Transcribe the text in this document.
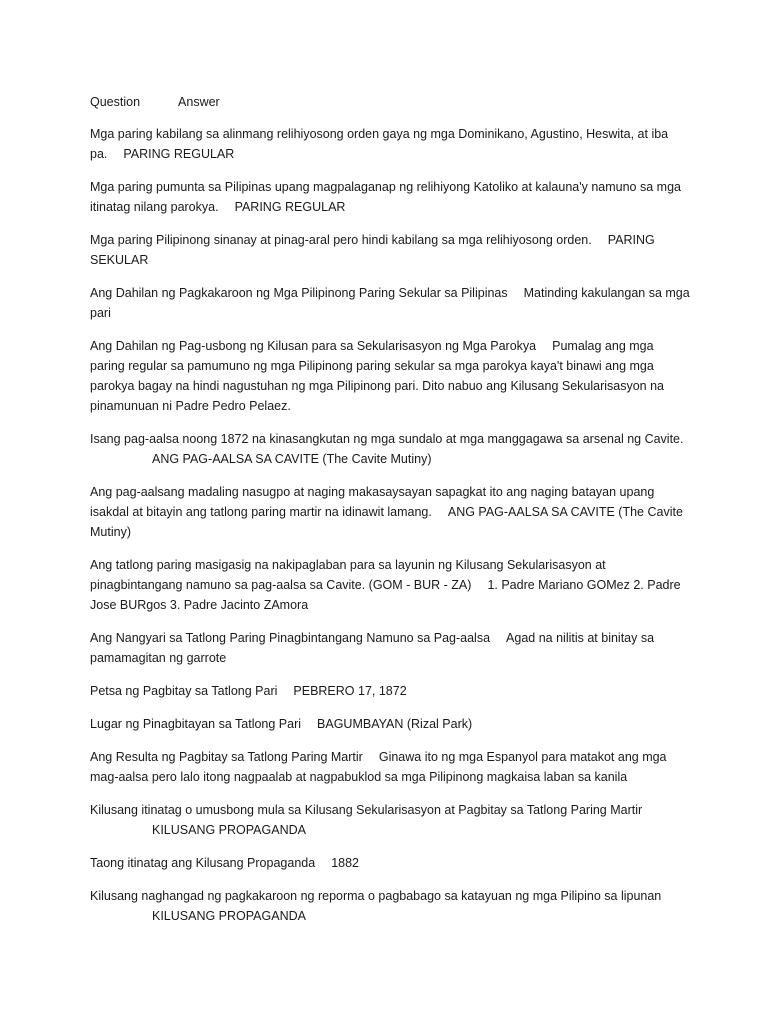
Question	Answer

Mga paring kabilang sa alinmang relihiyosong orden gaya ng mga Dominikano, Agustino, Heswita, at iba pa. PARING REGULAR

Mga paring pumunta sa Pilipinas upang magpalaganap ng relihiyong Katoliko at kalauna'y namuno sa mga itinatag nilang parokya. PARING REGULAR

Mga paring Pilipinong sinanay at pinag-aral pero hindi kabilang sa mga relihiyosong orden. PARING SEKULAR

Ang Dahilan ng Pagkakaroon ng Mga Pilipinong Paring Sekular sa Pilipinas Matinding kakulangan sa mga pari

Ang Dahilan ng Pag-usbong ng Kilusan para sa Sekularisasyon ng Mga Parokya Pumalag ang mga paring regular sa pamumuno ng mga Pilipinong paring sekular sa mga parokya kaya't binawi ang mga parokya bagay na hindi nagustuhan ng mga Pilipinong pari. Dito nabuo ang Kilusang Sekularisasyon na pinamunuan ni Padre Pedro Pelaez.

Isang pag-aalsa noong 1872 na kinasangkutan ng mga sundalo at mga manggagawa sa arsenal ng Cavite.
ANG PAG-AALSA SA CAVITE (The Cavite Mutiny)

Ang pag-aalsang madaling nasugpo at naging makasaysayan sapagkat ito ang naging batayan upang isakdal at bitayin ang tatlong paring martir na idinawit lamang. ANG PAG-AALSA SA CAVITE (The Cavite Mutiny)

Ang tatlong paring masigasig na nakipaglaban para sa layunin ng Kilusang Sekularisasyon at pinagbintangang namuno sa pag-aalsa sa Cavite. (GOM - BUR - ZA) 1. Padre Mariano GOMez 2. Padre Jose BURgos 3. Padre Jacinto ZAmora

Ang Nangyari sa Tatlong Paring Pinagbintangang Namuno sa Pag-aalsa Agad na nilitis at binitay sa pamamagitan ng garrote

Petsa ng Pagbitay sa Tatlong Pari PEBRERO 17, 1872

Lugar ng Pinagbitayan sa Tatlong Pari BAGUMBAYAN (Rizal Park)

Ang Resulta ng Pagbitay sa Tatlong Paring Martir Ginawa ito ng mga Espanyol para matakot ang mga mag-aalsa pero lalo itong nagpaalab at nagpabuklod sa mga Pilipinong magkaisa laban sa kanila

Kilusang itinatag o umusbong mula sa Kilusang Sekularisasyon at Pagbitay sa Tatlong Paring Martir
KILUSANG PROPAGANDA

Taong itinatag ang Kilusang Propaganda 1882

Kilusang naghangad ng pagkakaroon ng reporma o pagbabago sa katayuan ng mga Pilipino sa lipunan
KILUSANG PROPAGANDA
